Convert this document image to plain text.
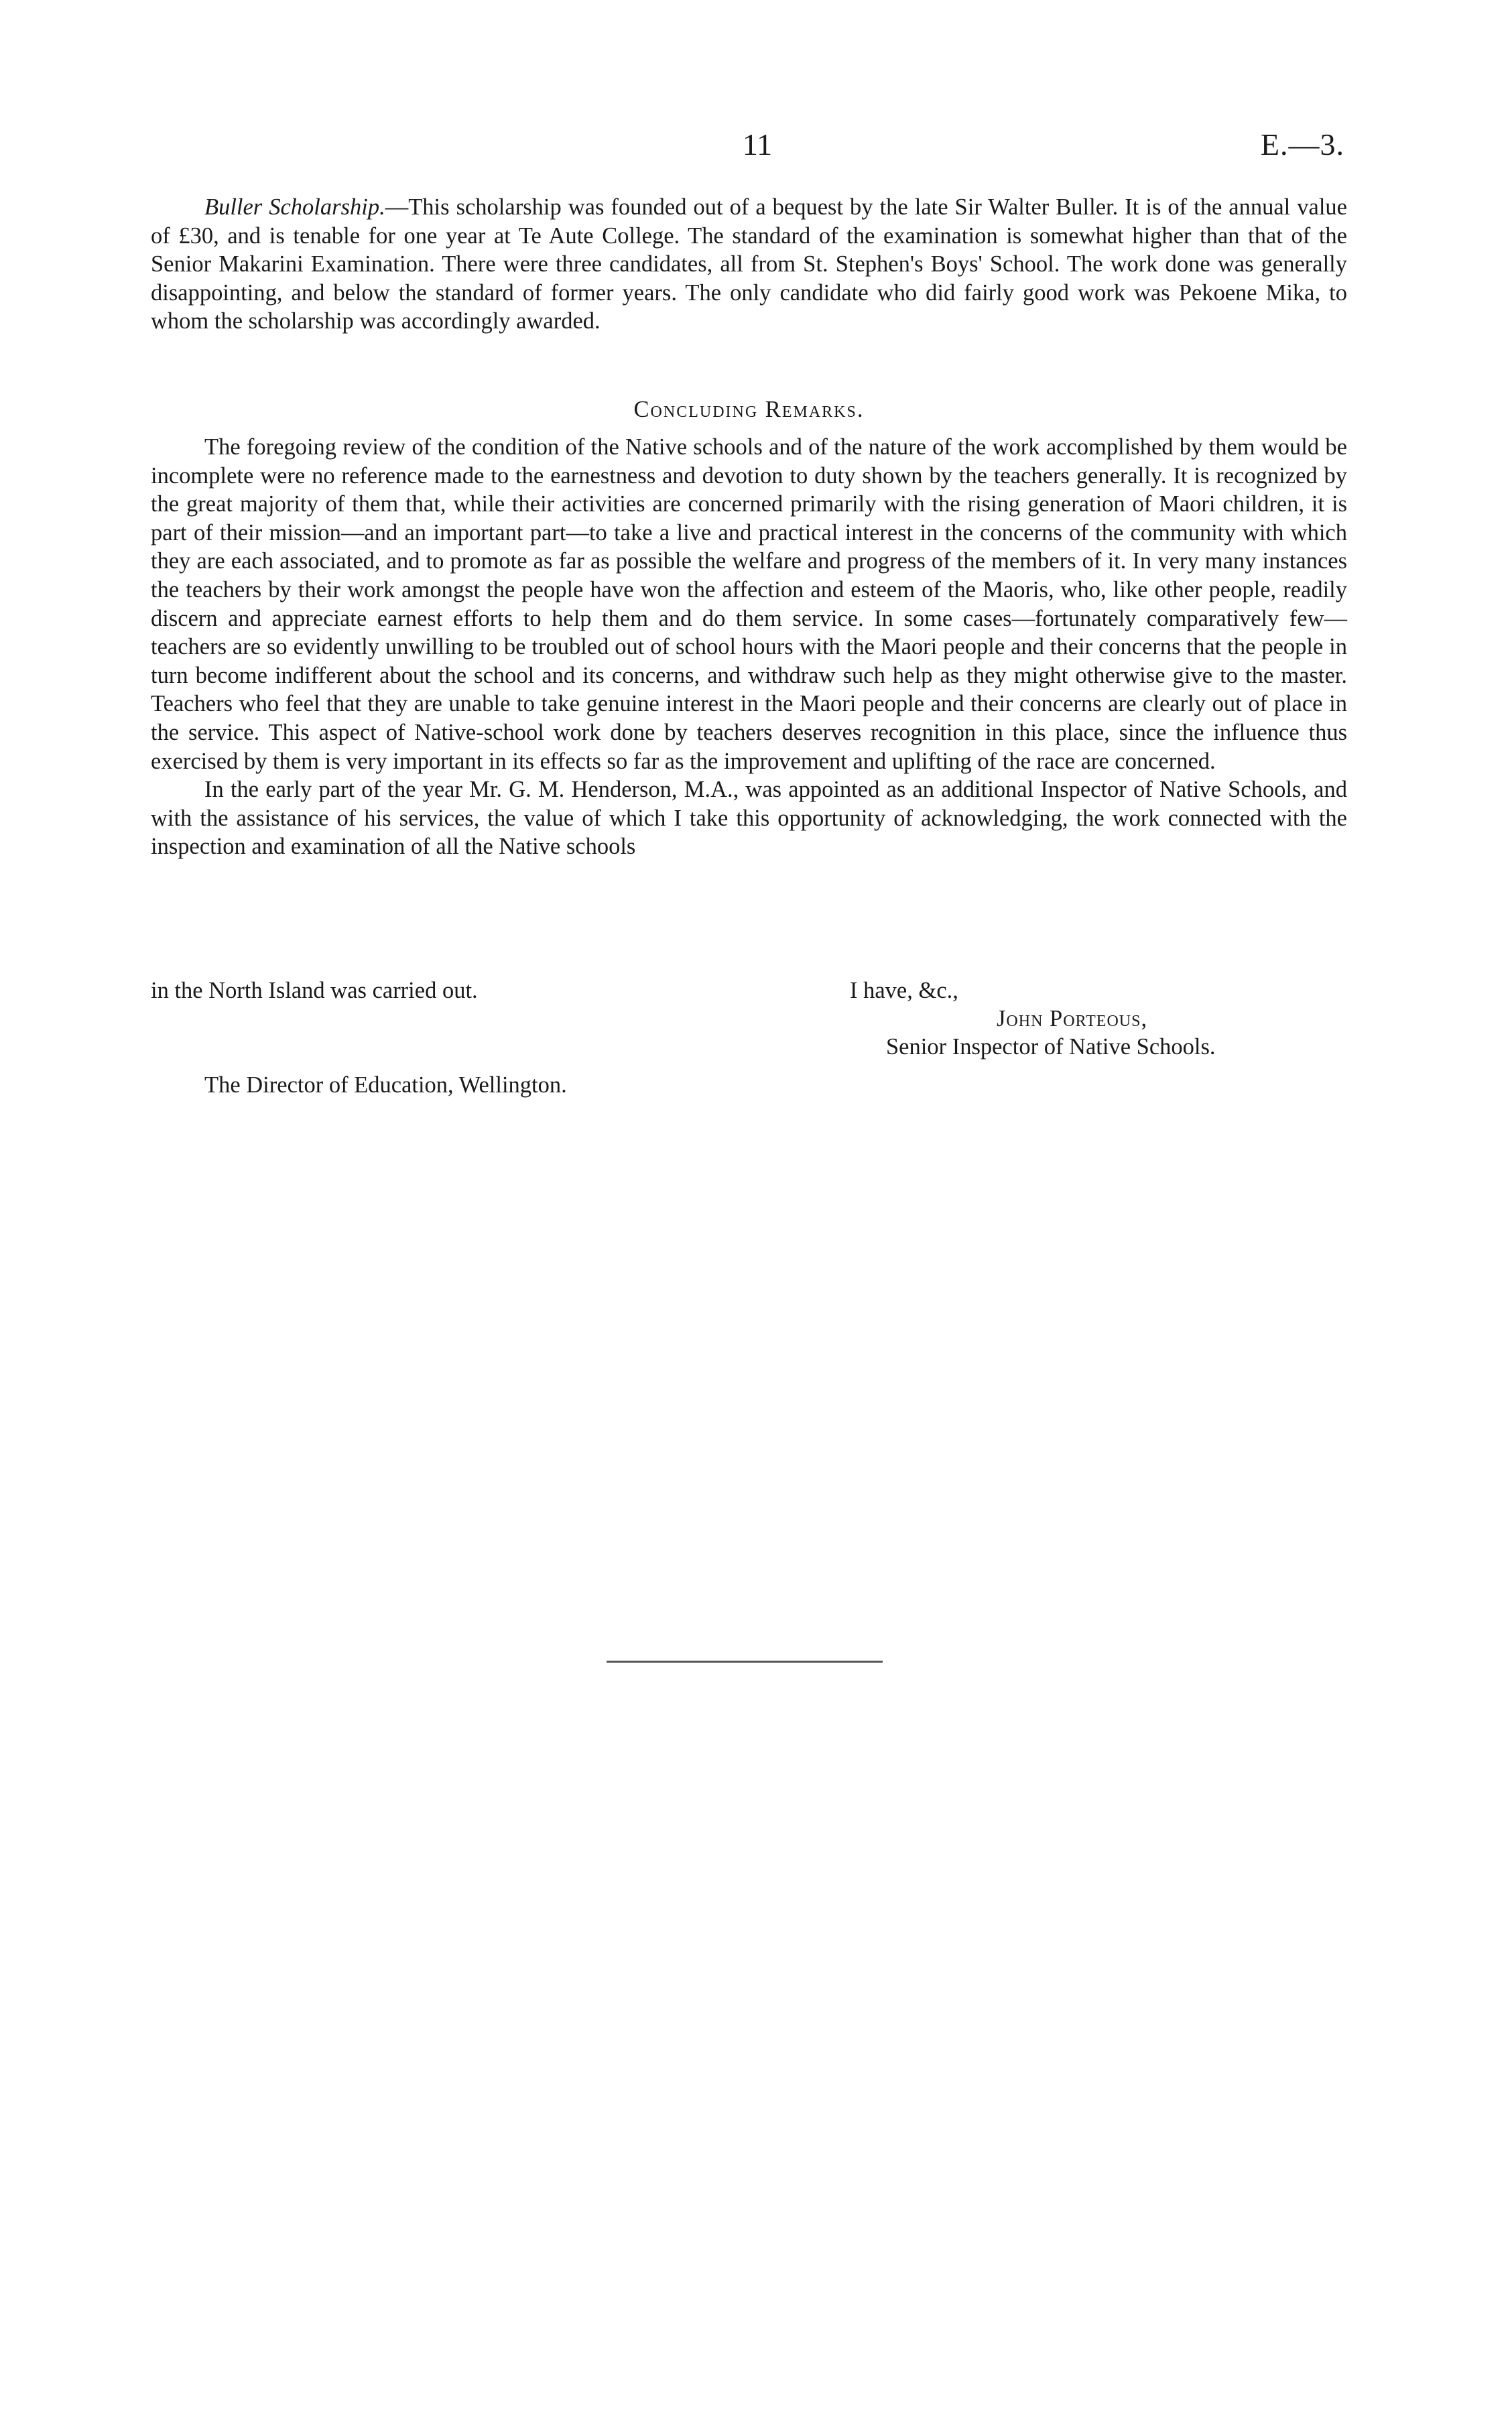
11	E.—3.

Buller Scholarship.—This scholarship was founded out of a bequest by the late Sir Walter Buller. It is of the annual value of £30, and is tenable for one year at Te Aute College. The standard of the examination is somewhat higher than that of the Senior Makarini Examination. There were three candidates, all from St. Stephen's Boys' School. The work done was generally disappointing, and below the standard of former years. The only candidate who did fairly good work was Pekoene Mika, to whom the scholarship was accordingly awarded.

Concluding Remarks.

The foregoing review of the condition of the Native schools and of the nature of the work accomplished by them would be incomplete were no reference made to the earnestness and devotion to duty shown by the teachers generally. It is recognized by the great majority of them that, while their activities are concerned primarily with the rising generation of Maori children, it is part of their mission—and an important part—to take a live and practical interest in the concerns of the community with which they are each associated, and to promote as far as possible the welfare and progress of the members of it. In very many instances the teachers by their work amongst the people have won the affection and esteem of the Maoris, who, like other people, readily discern and appreciate earnest efforts to help them and do them service. In some cases—fortunately comparatively few—teachers are so evidently unwilling to be troubled out of school hours with the Maori people and their concerns that the people in turn become indifferent about the school and its concerns, and withdraw such help as they might otherwise give to the master. Teachers who feel that they are unable to take genuine interest in the Maori people and their concerns are clearly out of place in the service. This aspect of Native-school work done by teachers deserves recognition in this place, since the influence thus exercised by them is very important in its effects so far as the improvement and uplifting of the race are concerned.

In the early part of the year Mr. G. M. Henderson, M.A., was appointed as an additional Inspector of Native Schools, and with the assistance of his services, the value of which I take this opportunity of acknowledging, the work connected with the inspection and examination of all the Native schools

in the North Island was carried out.	I have, &c.,
John Porteous,
Senior Inspector of Native Schools.
The Director of Education, Wellington.
